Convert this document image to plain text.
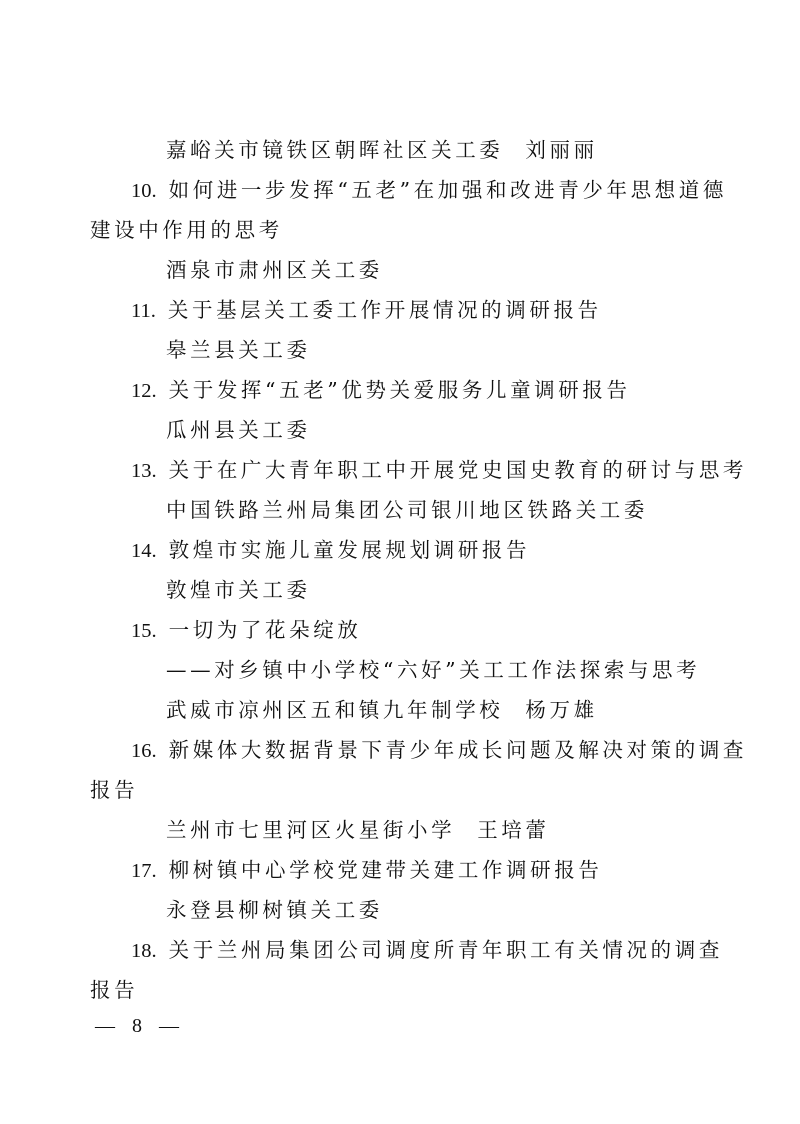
嘉峪关市镜铁区朝晖社区关工委 刘丽丽
10. 如何进一步发挥“五老”在加强和改进青少年思想道德
建设中作用的思考
酒泉市肃州区关工委
11. 关于基层关工委工作开展情况的调研报告
皋兰县关工委
12. 关于发挥“五老”优势关爱服务儿童调研报告
瓜州县关工委
13. 关于在广大青年职工中开展党史国史教育的研讨与思考
中国铁路兰州局集团公司银川地区铁路关工委
14. 敦煌市实施儿童发展规划调研报告
敦煌市关工委
15. 一切为了花朵绽放
——对乡镇中小学校“六好”关工工作法探索与思考
武威市凉州区五和镇九年制学校 杨万雄
16. 新媒体大数据背景下青少年成长问题及解决对策的调查
报告
兰州市七里河区火星街小学 王培蕾
17. 柳树镇中心学校党建带关建工作调研报告
永登县柳树镇关工委
18. 关于兰州局集团公司调度所青年职工有关情况的调查
报告
— 8 —
